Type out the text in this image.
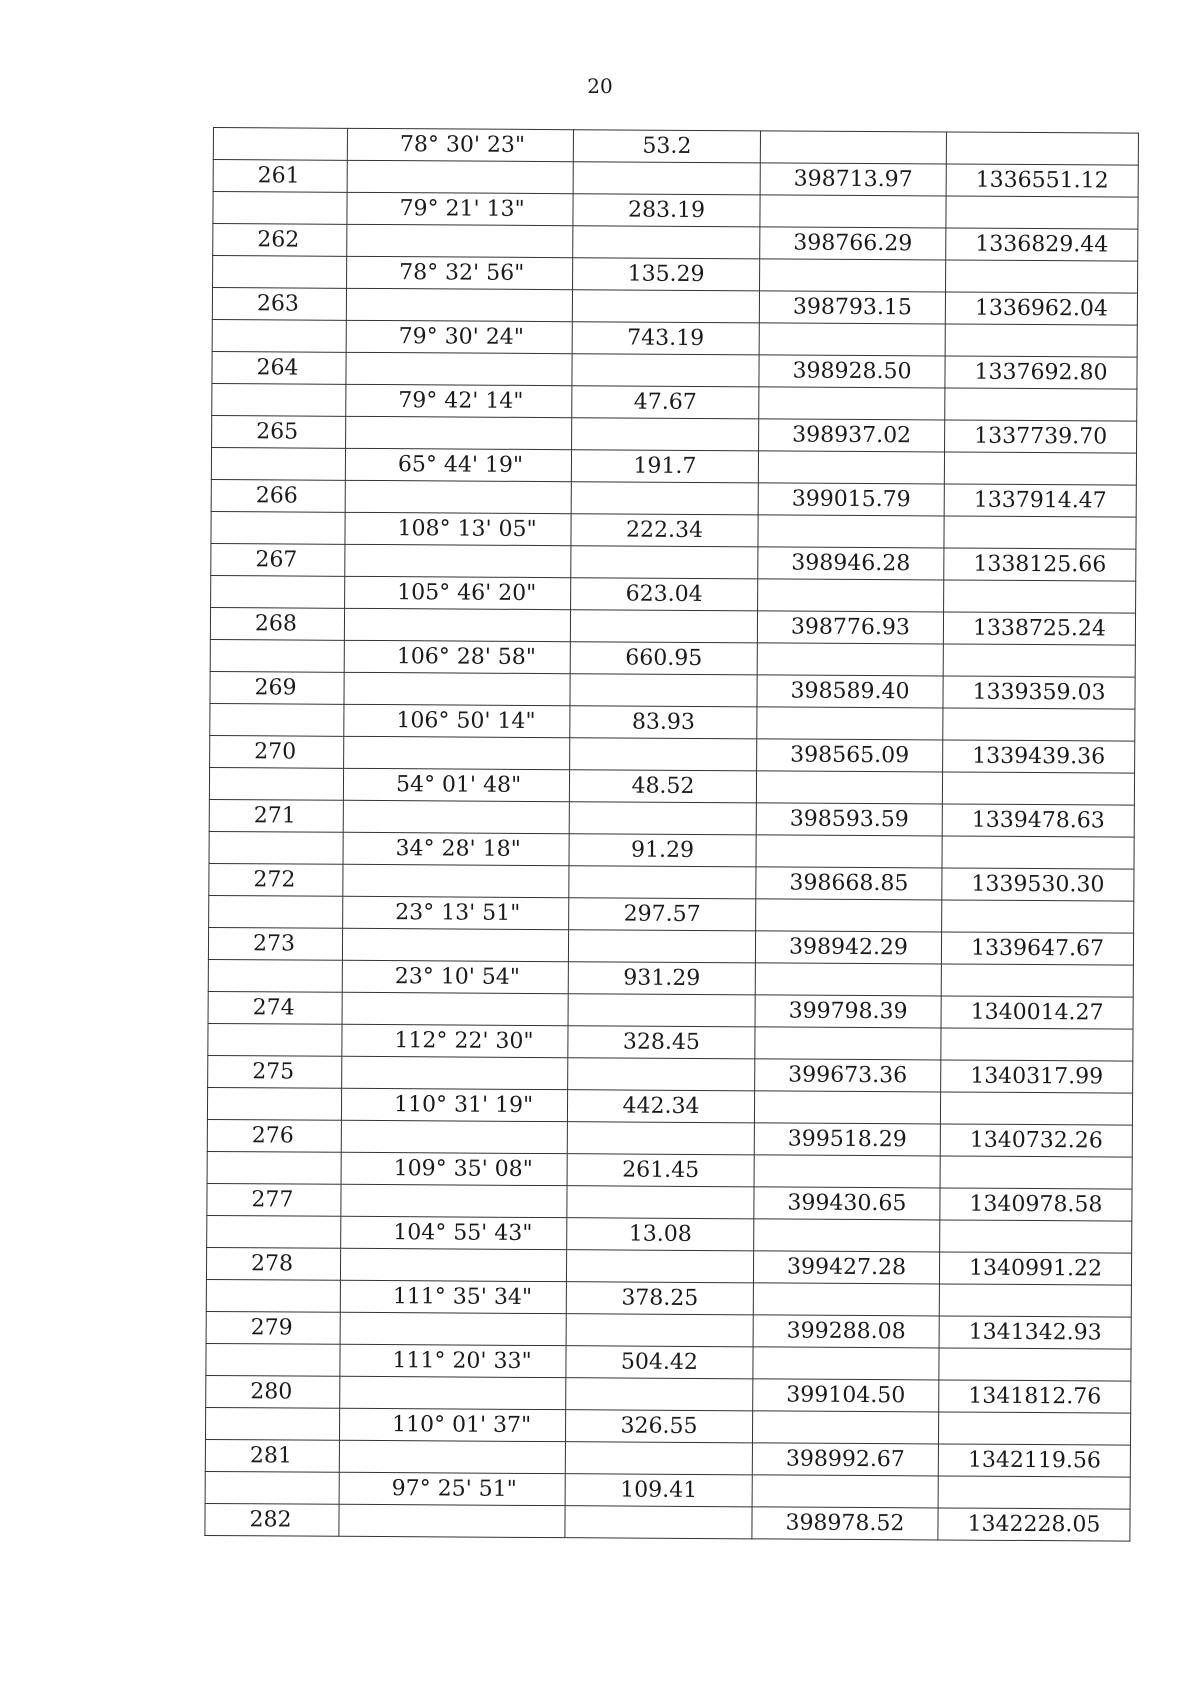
20
	78° 30' 23"	53.2		
261			398713.97	1336551.12
	79° 21' 13"	283.19		
262			398766.29	1336829.44
	78° 32' 56"	135.29		
263			398793.15	1336962.04
	79° 30' 24"	743.19		
264			398928.50	1337692.80
	79° 42' 14"	47.67		
265			398937.02	1337739.70
	65° 44' 19"	191.7		
266			399015.79	1337914.47
	108° 13' 05"	222.34		
267			398946.28	1338125.66
	105° 46' 20"	623.04		
268			398776.93	1338725.24
	106° 28' 58"	660.95		
269			398589.40	1339359.03
	106° 50' 14"	83.93		
270			398565.09	1339439.36
	54° 01' 48"	48.52		
271			398593.59	1339478.63
	34° 28' 18"	91.29		
272			398668.85	1339530.30
	23° 13' 51"	297.57		
273			398942.29	1339647.67
	23° 10' 54"	931.29		
274			399798.39	1340014.27
	112° 22' 30"	328.45		
275			399673.36	1340317.99
	110° 31' 19"	442.34		
276			399518.29	1340732.26
	109° 35' 08"	261.45		
277			399430.65	1340978.58
	104° 55' 43"	13.08		
278			399427.28	1340991.22
	111° 35' 34"	378.25		
279			399288.08	1341342.93
	111° 20' 33"	504.42		
280			399104.50	1341812.76
	110° 01' 37"	326.55		
281			398992.67	1342119.56
	97° 25' 51"	109.41		
282			398978.52	1342228.05
